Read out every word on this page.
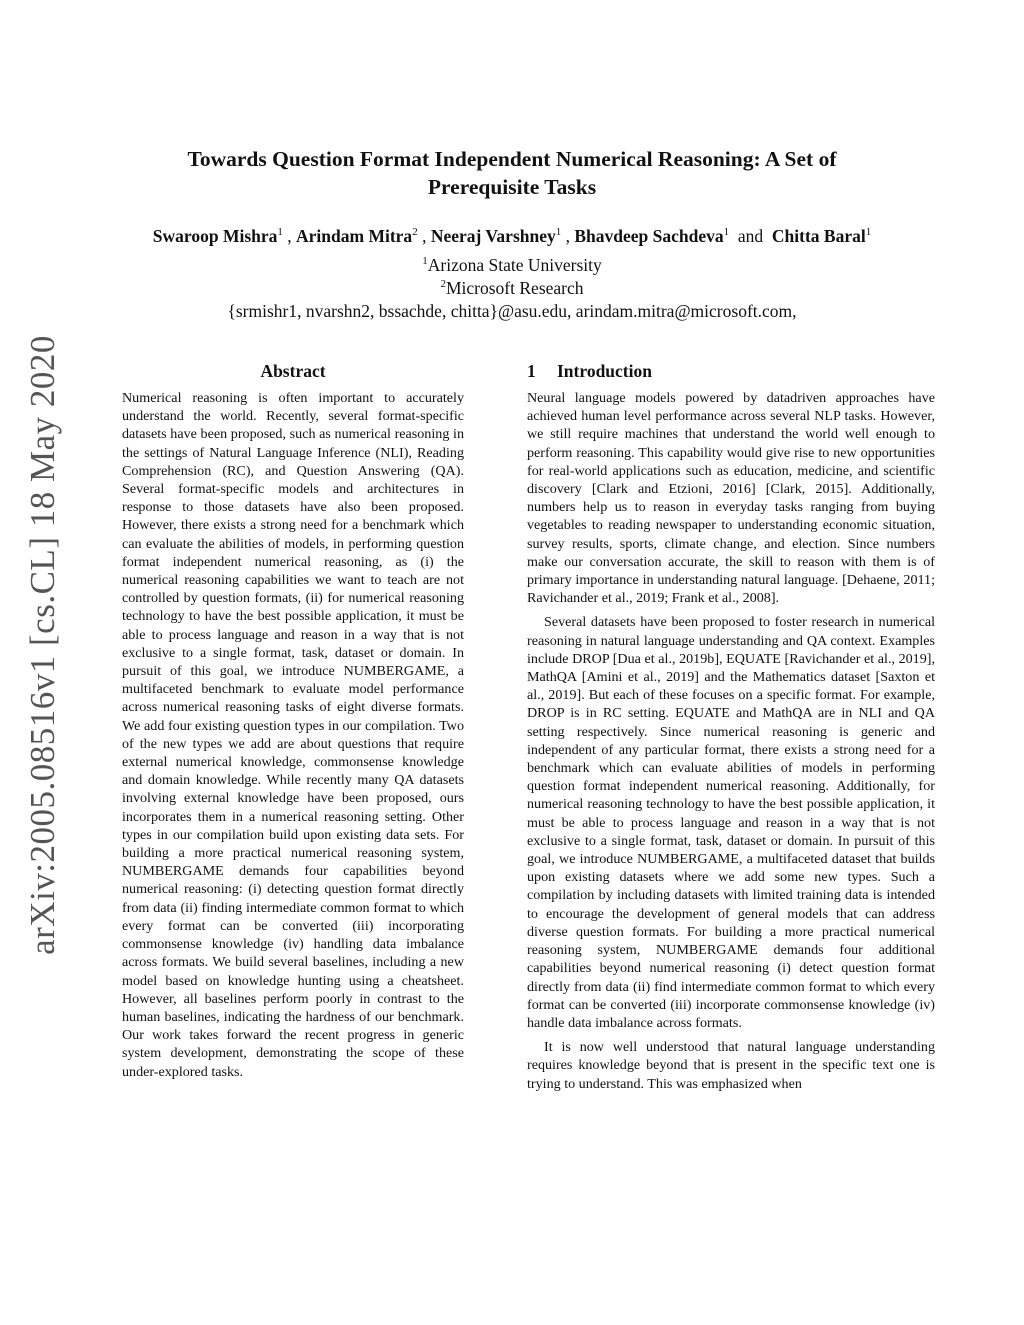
arXiv:2005.08516v1 [cs.CL] 18 May 2020
Towards Question Format Independent Numerical Reasoning: A Set of
Prerequisite Tasks
Swaroop Mishra$^1$ , Arindam Mitra$^2$ , Neeraj Varshney$^1$ , Bhavdeep Sachdeva$^1$ and Chitta Baral$^1$
$^1$Arizona State University
$^2$Microsoft Research
{srmishr1, nvarshn2, bssachde, chitta}@asu.edu, arindam.mitra@microsoft.com,
Abstract

Numerical reasoning is often important to accurately understand the world. Recently, several format-specific datasets have been proposed, such as numerical reasoning in the settings of Natural Language Inference (NLI), Reading Comprehension (RC), and Question Answering (QA). Several format-specific models and architectures in response to those datasets have also been proposed. However, there exists a strong need for a benchmark which can evaluate the abilities of models, in performing question format independent numerical reasoning, as (i) the numerical reasoning capabilities we want to teach are not controlled by question formats, (ii) for numerical reasoning technology to have the best possible application, it must be able to process language and reason in a way that is not exclusive to a single format, task, dataset or domain. In pursuit of this goal, we introduce NUMBERGAME, a multifaceted benchmark to evaluate model performance across numerical reasoning tasks of eight diverse formats. We add four existing question types in our compilation. Two of the new types we add are about questions that require external numerical knowledge, commonsense knowledge and domain knowledge. While recently many QA datasets involving external knowledge have been proposed, ours incorporates them in a numerical reasoning setting. Other types in our compilation build upon existing data sets. For building a more practical numerical reasoning system, NUMBERGAME demands four capabilities beyond numerical reasoning: (i) detecting question format directly from data (ii) finding intermediate common format to which every format can be converted (iii) incorporating commonsense knowledge (iv) handling data imbalance across formats. We build several baselines, including a new model based on knowledge hunting using a cheatsheet. However, all baselines perform poorly in contrast to the human baselines, indicating the hardness of our benchmark. Our work takes forward the recent progress in generic system development, demonstrating the scope of these under-explored tasks.

1 Introduction

Neural language models powered by datadriven approaches have achieved human level performance across several NLP tasks. However, we still require machines that understand the world well enough to perform reasoning. This capability would give rise to new opportunities for real-world applications such as education, medicine, and scientific discovery [Clark and Etzioni, 2016] [Clark, 2015]. Additionally, numbers help us to reason in everyday tasks ranging from buying vegetables to reading newspaper to understanding economic situation, survey results, sports, climate change, and election. Since numbers make our conversation accurate, the skill to reason with them is of primary importance in understanding natural language. [Dehaene, 2011; Ravichander et al., 2019; Frank et al., 2008].

Several datasets have been proposed to foster research in numerical reasoning in natural language understanding and QA context. Examples include DROP [Dua et al., 2019b], EQUATE [Ravichander et al., 2019], MathQA [Amini et al., 2019] and the Mathematics dataset [Saxton et al., 2019]. But each of these focuses on a specific format. For example, DROP is in RC setting. EQUATE and MathQA are in NLI and QA setting respectively. Since numerical reasoning is generic and independent of any particular format, there exists a strong need for a benchmark which can evaluate abilities of models in performing question format independent numerical reasoning. Additionally, for numerical reasoning technology to have the best possible application, it must be able to process language and reason in a way that is not exclusive to a single format, task, dataset or domain. In pursuit of this goal, we introduce NUMBERGAME, a multifaceted dataset that builds upon existing datasets where we add some new types. Such a compilation by including datasets with limited training data is intended to encourage the development of general models that can address diverse question formats. For building a more practical numerical reasoning system, NUMBERGAME demands four additional capabilities beyond numerical reasoning (i) detect question format directly from data (ii) find intermediate common format to which every format can be converted (iii) incorporate commonsense knowledge (iv) handle data imbalance across formats.

It is now well understood that natural language understanding requires knowledge beyond that is present in the specific text one is trying to understand. This was emphasized when
